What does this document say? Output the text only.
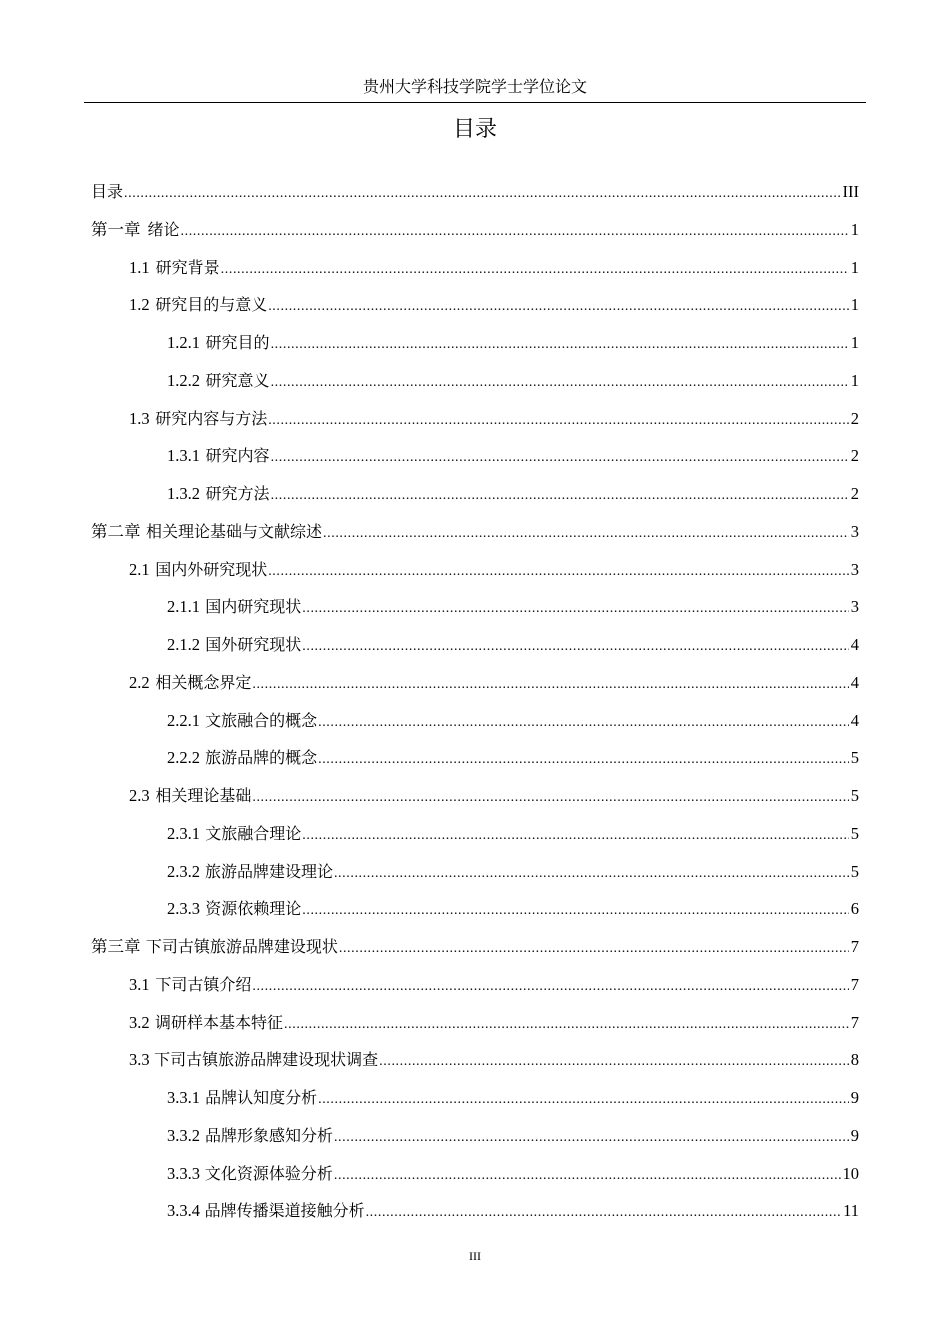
贵州大学科技学院学士学位论文
目录
目录 .....	III
第一章 绪论 .....	1
1.1 研究背景 .....	1
1.2 研究目的与意义 .....	1
1.2.1 研究目的 .....	1
1.2.2 研究意义 .....	1
1.3 研究内容与方法 .....	2
1.3.1 研究内容 .....	2
1.3.2 研究方法 .....	2
第二章 相关理论基础与文献综述 .....	3
2.1 国内外研究现状 .....	3
2.1.1 国内研究现状 .....	3
2.1.2 国外研究现状 .....	4
2.2 相关概念界定 .....	4
2.2.1 文旅融合的概念 .....	4
2.2.2 旅游品牌的概念 .....	5
2.3 相关理论基础 .....	5
2.3.1 文旅融合理论 .....	5
2.3.2 旅游品牌建设理论 .....	5
2.3.3 资源依赖理论 .....	6
第三章 下司古镇旅游品牌建设现状 .....	7
3.1 下司古镇介绍 .....	7
3.2 调研样本基本特征 .....	7
3.3 下司古镇旅游品牌建设现状调查 .....	8
3.3.1 品牌认知度分析 .....	9
3.3.2 品牌形象感知分析 .....	9
3.3.3 文化资源体验分析 .....	10
3.3.4 品牌传播渠道接触分析 .....	11
III
